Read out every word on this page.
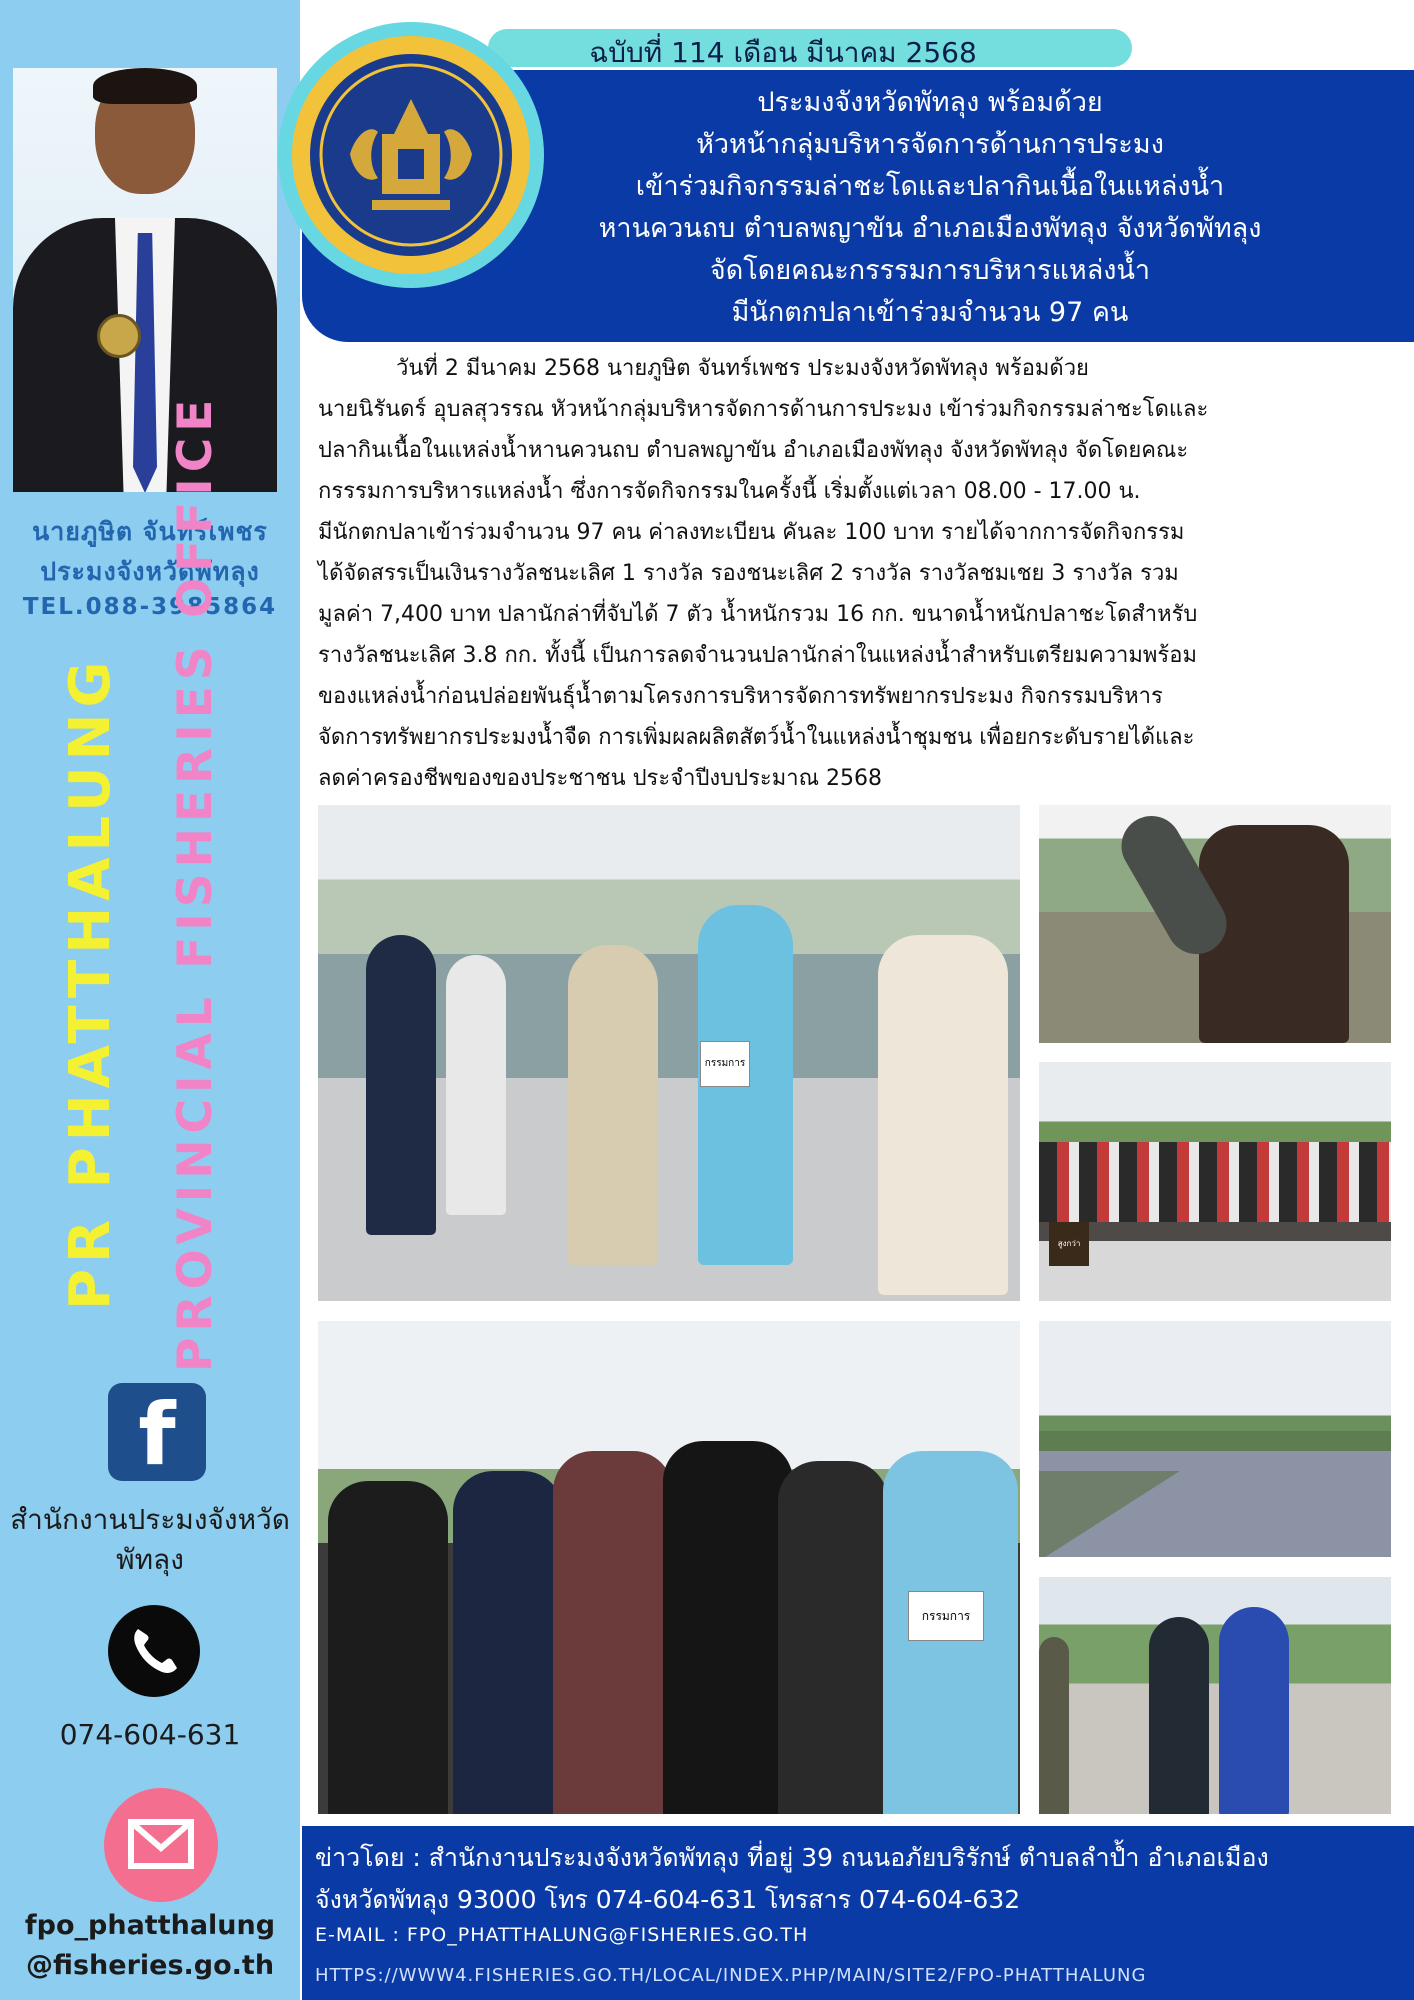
นายภูษิต จันทร์เพชร
ประมงจังหวัดพัทลุง
TEL.088-3985864
PR PHATTHALUNG PROVINCIAL FISHERIES OFFICE
f
สำนักงานประมงจังหวัด
พัทลุง
074-604-631
fpo_phatthalung
@fisheries.go.th
ฉบับที่ 114 เดือน มีนาคม 2568
ประมงจังหวัดพัทลุง พร้อมด้วย
หัวหน้ากลุ่มบริหารจัดการด้านการประมง
เข้าร่วมกิจกรรมล่าชะโดและปลากินเนื้อในแหล่งน้ำ
หานควนถบ ตำบลพญาขัน อำเภอเมืองพัทลุง จังหวัดพัทลุง
จัดโดยคณะกรรรมการบริหารแหล่งน้ำ
มีนักตกปลาเข้าร่วมจำนวน 97 คน
วันที่ 2 มีนาคม 2568 นายภูษิต จันทร์เพชร ประมงจังหวัดพัทลุง พร้อมด้วย
นายนิรันดร์ อุบลสุวรรณ หัวหน้ากลุ่มบริหารจัดการด้านการประมง เข้าร่วมกิจกรรมล่าชะโดและ
ปลากินเนื้อในแหล่งน้ำหานควนถบ ตำบลพญาขัน อำเภอเมืองพัทลุง จังหวัดพัทลุง จัดโดยคณะ
กรรรมการบริหารแหล่งน้ำ ซึ่งการจัดกิจกรรมในครั้งนี้ เริ่มตั้งแต่เวลา 08.00 - 17.00 น.
มีนักตกปลาเข้าร่วมจำนวน 97 คน ค่าลงทะเบียน คันละ 100 บาท รายได้จากการจัดกิจกรรม
ได้จัดสรรเป็นเงินรางวัลชนะเลิศ 1 รางวัล รองชนะเลิศ 2 รางวัล รางวัลชมเชย 3 รางวัล รวม
มูลค่า 7,400 บาท ปลานักล่าที่จับได้ 7 ตัว น้ำหนักรวม 16 กก. ขนาดน้ำหนักปลาชะโดสำหรับ
รางวัลชนะเลิศ 3.8 กก. ทั้งนี้ เป็นการลดจำนวนปลานักล่าในแหล่งน้ำสำหรับเตรียมความพร้อม
ของแหล่งน้ำก่อนปล่อยพันธุ์น้ำตามโครงการบริหารจัดการทรัพยากรประมง กิจกรรมบริหาร
จัดการทรัพยากรประมงน้ำจืด การเพิ่มผลผลิตสัตว์น้ำในแหล่งน้ำชุมชน เพื่อยกระดับรายได้และ
ลดค่าครองชีพของของประชาชน ประจำปีงบประมาณ 2568
กรรมการ
สูงกว่า
กรรมการ
ข่าวโดย : สำนักงานประมงจังหวัดพัทลุง ที่อยู่ 39 ถนนอภัยบริรักษ์ ตำบลลำป้ำ อำเภอเมือง
จังหวัดพัทลุง 93000 โทร 074-604-631 โทรสาร 074-604-632
E-MAIL : FPO_PHATTHALUNG@FISHERIES.GO.TH
HTTPS://WWW4.FISHERIES.GO.TH/LOCAL/INDEX.PHP/MAIN/SITE2/FPO-PHATTHALUNG
